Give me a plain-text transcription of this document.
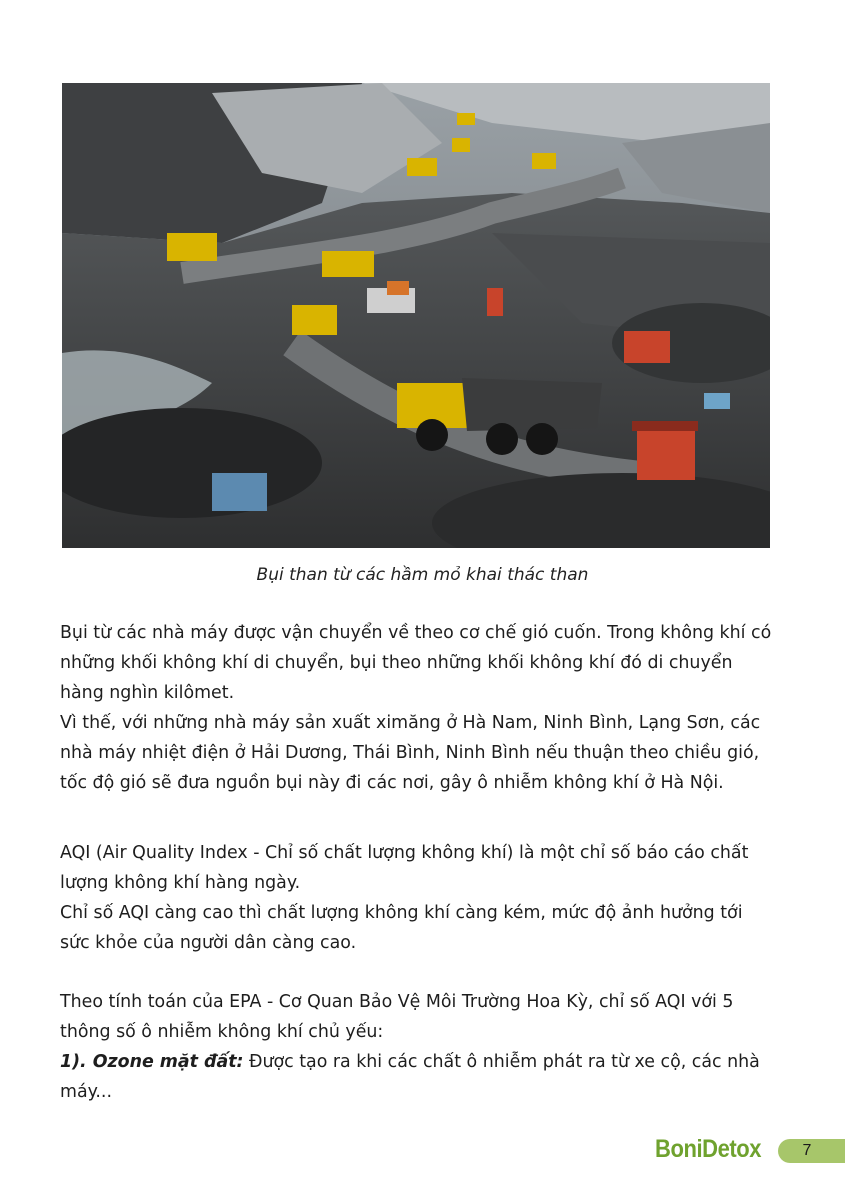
Bụi than từ các hầm mỏ khai thác than

Bụi từ các nhà máy được vận chuyển về theo cơ chế gió cuốn. Trong không khí có những khối không khí di chuyển, bụi theo những khối không khí đó di chuyển hàng nghìn kilômet.

Vì thế, với những nhà máy sản xuất ximăng ở Hà Nam, Ninh Bình, Lạng Sơn, các nhà máy nhiệt điện ở Hải Dương, Thái Bình, Ninh Bình nếu thuận theo chiều gió, tốc độ gió sẽ đưa nguồn bụi này đi các nơi, gây ô nhiễm không khí ở Hà Nội.

AQI (Air Quality Index - Chỉ số chất lượng không khí) là một chỉ số báo cáo chất lượng không khí hàng ngày.

Chỉ số AQI càng cao thì chất lượng không khí càng kém, mức độ ảnh hưởng tới sức khỏe của người dân càng cao.

Theo tính toán của EPA - Cơ Quan Bảo Vệ Môi Trường Hoa Kỳ, chỉ số AQI với 5 thông số ô nhiễm không khí chủ yếu:

1). Ozone mặt đất: Được tạo ra khi các chất ô nhiễm phát ra từ xe cộ, các nhà máy...

BoniDetox	7
